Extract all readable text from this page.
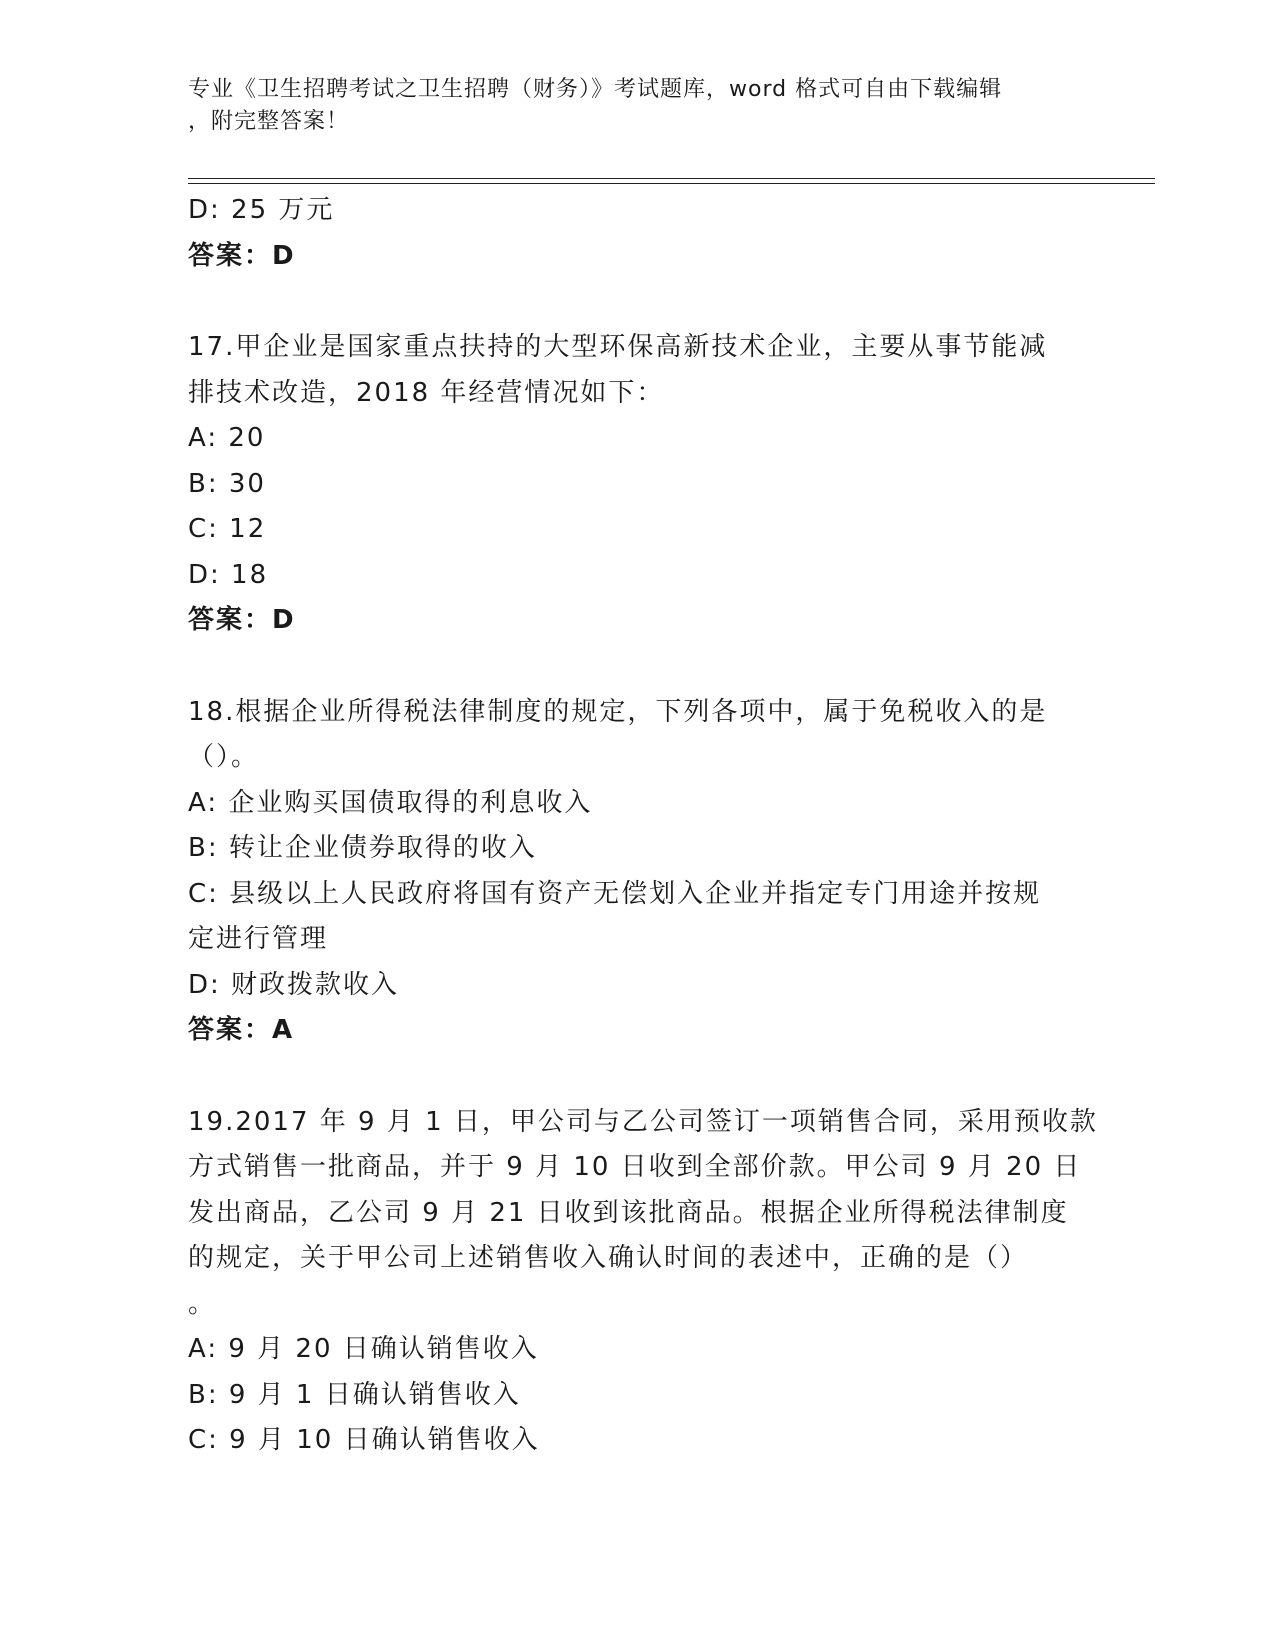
专业《卫生招聘考试之卫生招聘（财务）》考试题库，word 格式可自由下载编辑
，附完整答案！
D: 25 万元
答案：D
17.甲企业是国家重点扶持的大型环保高新技术企业，主要从事节能减
排技术改造，2018 年经营情况如下：
A: 20
B: 30
C: 12
D: 18
答案：D
18.根据企业所得税法律制度的规定，下列各项中，属于免税收入的是
（）。
A: 企业购买国债取得的利息收入
B: 转让企业债券取得的收入
C: 县级以上人民政府将国有资产无偿划入企业并指定专门用途并按规
定进行管理
D: 财政拨款收入
答案：A
19.2017 年 9 月 1 日，甲公司与乙公司签订一项销售合同，采用预收款
方式销售一批商品，并于 9 月 10 日收到全部价款。甲公司 9 月 20 日
发出商品，乙公司 9 月 21 日收到该批商品。根据企业所得税法律制度
的规定，关于甲公司上述销售收入确认时间的表述中，正确的是（）
。
A: 9 月 20 日确认销售收入
B: 9 月 1 日确认销售收入
C: 9 月 10 日确认销售收入
